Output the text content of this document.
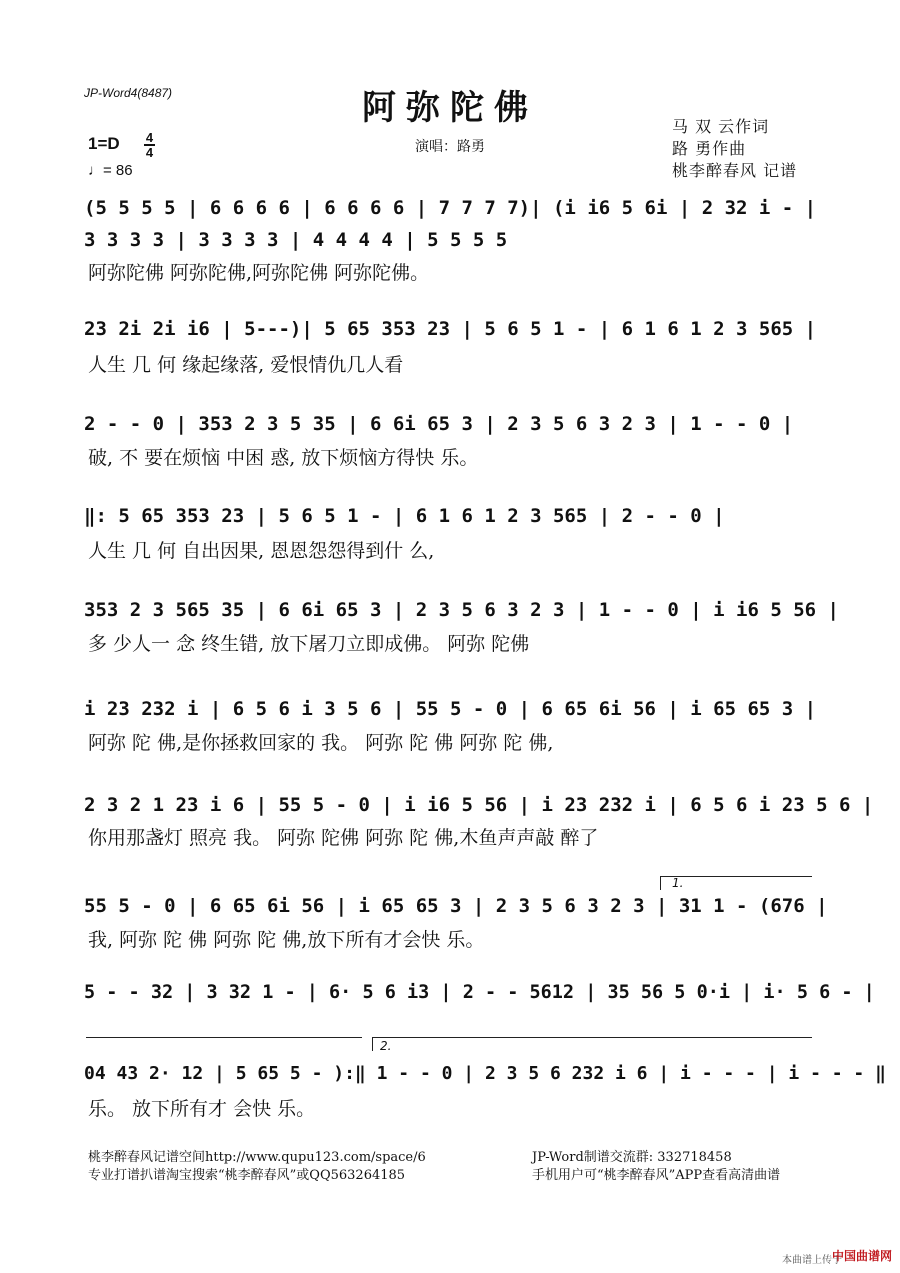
JP-Word4(8487)	阿弥陀佛
演唱：路勇
马 双 云作词
路 勇作曲
桃李醉春风 记谱
1=D 4
4
♩= 86
(5 5 5 5 | 6 6 6 6 | 6 6 6 6 | 7 7 7 7)| (i i6 5 6i | 2 32 i - |
3 3 3 3 | 3 3 3 3 | 4 4 4 4 | 5 5 5 5
阿弥陀佛 阿弥陀佛,阿弥陀佛 阿弥陀佛。
23 2i 2i i6 | 5---)| 5 65 353 23 | 5 6 5 1 - | 6 1 6 1 2 3 565 |
人生 几 何 缘起缘落, 爱恨情仇几人看
2 - - 0 | 353 2 3 5 35 | 6 6i 65 3 | 2 3 5 6 3 2 3 | 1 - - 0 |
破, 不 要在烦恼 中困 惑, 放下烦恼方得快 乐。
‖: 5 65 353 23 | 5 6 5 1 - | 6 1 6 1 2 3 565 | 2 - - 0 |
人生 几 何 自出因果, 恩恩怨怨得到什 么,
353 2 3 565 35 | 6 6i 65 3 | 2 3 5 6 3 2 3 | 1 - - 0 | i i6 5 56 |
多 少人一 念 终生错, 放下屠刀立即成佛。 阿弥 陀佛
i 23 232 i | 6 5 6 i 3 5 6 | 55 5 - 0 | 6 65 6i 56 | i 65 65 3 |
阿弥 陀 佛,是你拯救回家的 我。 阿弥 陀 佛 阿弥 陀 佛,
2 3 2 1 23 i 6 | 55 5 - 0 | i i6 5 56 | i 23 232 i | 6 5 6 i 23 5 6 |
你用那盏灯 照亮 我。 阿弥 陀佛 阿弥 陀 佛,木鱼声声敲 醉了
1.
55 5 - 0 | 6 65 6i 56 | i 65 65 3 | 2 3 5 6 3 2 3 | 31 1 - (676 |
我, 阿弥 陀 佛 阿弥 陀 佛,放下所有才会快 乐。
5 - - 32 | 3 32 1 - | 6· 5 6 i3 | 2 - - 5612 | 35 56 5 0·i | i· 5 6 - |
2.
04 43 2· 12 | 5 65 5 - ):‖ 1 - - 0 | 2 3 5 6 232 i 6 | i - - - | i - - - ‖
乐。 放下所有才 会快 乐。
桃李醉春风记谱空间http://www.qupu123.com/space/6
专业打谱扒谱淘宝搜索“桃李醉春风”或QQ563264185
JP-Word制谱交流群: 332718458
手机用户可“桃李醉春风”APP查看高清曲谱
本曲谱上传于
中国曲谱网
